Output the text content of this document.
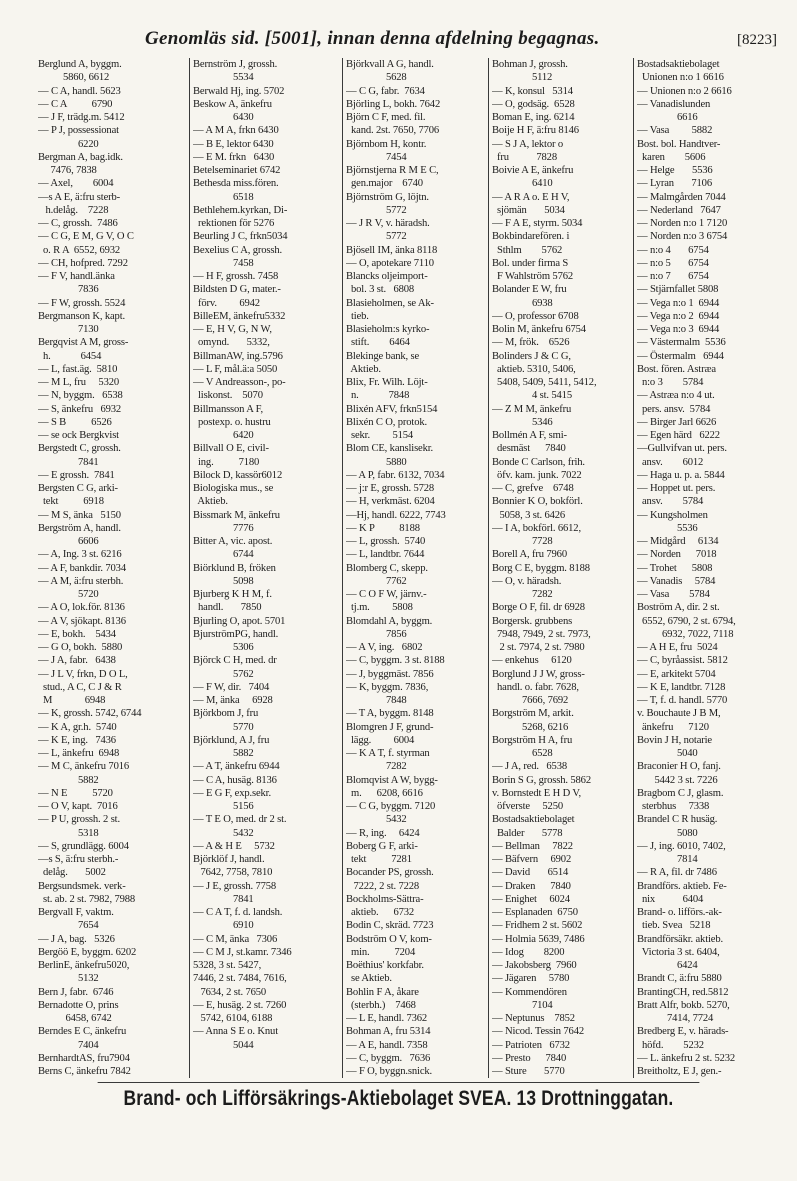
Genomläs sid. [5001], innan denna afdelning begagnas.	[8223]
Berglund A, byggm.
5860, 6612
— C A, handl. 5623
— C A          6790
— J F, trädg.m. 5412
— P J, possessionat
6220
Bergman A, bag.idk.
7476, 7838
— Axel,        6004
—s A E, ä:fru sterb-
h.delåg.    7228
— C, grossh.  7486
— C G, E M, G V, O C
o. R A  6552, 6932
— CH, hofpred. 7292
— F V, handl.änka
7836
— F W, grossh. 5524
Bergmanson K, kapt.
7130
Bergqvist A M, gross-
h.            6454
— L, fast.äg.  5810
— M L, fru     5320
— N, byggm.   6538
— S, änkefru   6932
— S B          6526
— se ock Bergkvist
Bergstedt C, grossh.
7841
— E grossh.  7841
Bergsten C G, arki-
tekt          6918
— M S, änka   5150
Bergström A, handl.
6606
— A, Ing. 3 st. 6216
— A F, bankdir. 7034
— A M, ä:fru sterbh.
5720
— A O, lok.för. 8136
— A V, sjökapt. 8136
— E, bokh.    5434
— G O, bokh.  5880
— J A, fabr.   6438
— J L V, frkn, D O L,
stud., A C, C J & R
M             6948
— K, grossh. 5742, 6744
— K A, gr.h.  5740
— K E, ing.   7436
— L, änkefru  6948
— M C, änkefru 7016
5882
— N E          5720
— O V, kapt.  7016
— P U, grossh. 2 st.
5318
— S, grundlägg. 6004
—s S, ä:fru sterbh.-
delåg.       5002
Bergsundsmek. verk-
st. ab. 2 st. 7982, 7988
Bergvall F, vaktm.
7654
— J A, bag.   5326
Bergöö E, byggm. 6202
BerlinE, änkefru5020,
5132
Bern J, fabr.  6746
Bernadotte O, prins
6458, 6742
Berndes E C, änkefru
7404
BernhardtAS, fru7904
Berns C, änkefru 7842
Bernström J, grossh.
5534
Berwald Hj, ing. 5702
Beskow A, änkefru
6430
— A M A, frkn 6430
— B E, lektor 6430
— E M. frkn   6430
Betelseminariet 6742
Bethesda miss.fören.
6518
Bethlehem.kyrkan, Di-
rektionen för 5276
Beurling J C, frkn5034
Bexelius C A, grossh.
7458
— H F, grossh. 7458
Bildsten D G, mater.-
förv.         6942
BilleEM, änkefru5332
— E, H V, G, N W,
omynd.       5332,
BillmanAW, ing.5796
— L F, mål.ä:a 5050
— V Andreasson-, po-
liskonst.    5070
Billmansson A F,
postexp. o. hustru
6420
Billvall O E, civil-
ing.          7180
Bilock D, kassör6012
Biologiska mus., se
Aktieb.
Bissmark M, änkefru
7776
Bitter A, vic. apost.
6744
Biörklund B, fröken
5098
Bjurberg K H M, f.
handl.       7850
Bjurling O, apot. 5701
BjurströmPG, handl.
5306
Björck C H, med. dr
5762
— F W, dir.   7404
— M, änka     6928
Björkbom J, fru
5770
Björklund, A J, fru
5882
— A T, änkefru 6944
— C A, husäg. 8136
— E G F, exp.sekr.
5156
— T E O, med. dr 2 st.
5432
— A & H E     5732
Björklöf J, handl.
7642, 7758, 7810
— J E, grossh. 7758
7841
— C A T, f. d. landsh.
6910
— C M, änka   7306
— C M J, st.kamr. 7346
5328, 3 st. 5427,
7446, 2 st. 7484, 7616,
7634, 2 st. 7650
— E, husäg. 2 st. 7260
5742, 6104, 6188
— Anna S E o. Knut
5044
Björkvall A G, handl.
5628
— C G, fabr.  7634
Björling L, bokh. 7642
Björn C F, med. fil.
kand. 2st. 7650, 7706
Björnbom H, kontr.
7454
Björnstjerna R M E C,
gen.major    6740
Björnström G, löjtn.
5772
— J R V, v. häradsh.
5772
Bjösell IM, änka 8118
— O, apotekare 7110
Blancks oljeimport-
bol. 3 st.   6808
Blasieholmen, se Ak-
tieb.
Blasieholm:s kyrko-
stift.        6464
Blekinge bank, se
Aktieb.
Blix, Fr. Wilh. Löjt-
n.            7848
Blixén AFV, frkn5154
Blixén C O, protok.
sekr.         5154
Blom CE, kanslisekr.
5880
— A P, fabr. 6132, 7034
— j:r E, grossh. 5728
— H, verkmäst. 6204
—Hj, handl. 6222, 7743
— K P          8188
— L, grossh.  5740
— L, landtbr. 7644
Blomberg C, skepp.
7762
— C O F W, järnv.-
tj.m.         5808
Blomdahl A, byggm.
7856
— A V, ing.   6802
— C, byggm. 3 st. 8188
— J, byggmäst. 7856
— K, byggm. 7836,
7848
— T A, byggm. 8148
Blomgren J F, grund-
lägg.         6004
— K A T, f. styrman
7282
Blomqvist A W, bygg-
m.      6208, 6616
— C G, byggm. 7120
5432
— R, ing.     6424
Boberg G F, arki-
tekt          7281
Bocander PS, grossh.
7222, 2 st. 7228
Bockholms-Sättra-
aktieb.      6732
Bodin C, skräd. 7723
Bodström O V, kom-
min.          7204
Boëthius' korkfabr.
se Aktieb.
Bohlin F A, åkare
(sterbh.)    7468
— L E, handl. 7362
Bohman A, fru 5314
— A E, handl. 7358
— C, byggm.   7636
— F O, byggn.snick.
Bohman J, grossh.
5112
— K, konsul   5314
— O, godsäg.  6528
Boman E, ing. 6214
Boije H F, ä:fru 8146
— S J A, lektor o
fru           7828
Boivie A E, änkefru
6410
— A R A o. E H V,
sjömän       5034
— F A E, styrm. 5034
Bokbindarefören. i
Sthlm        5762
Bol. under firma S
F Wahlström 5762
Bolander E W, fru
6938
— O, professor 6708
Bolin M, änkefru 6754
— M, frök.    6526
Bolinders J & C G,
aktieb. 5310, 5406,
5408, 5409, 5411, 5412,
4 st. 5415
— Z M M, änkefru
5346
Bollmén A F, smi-
desmäst      7840
Bonde C Carlson, frih.
öfv. kam. junk. 7022
— C, grefve    6748
Bonnier K O, bokförl.
5058, 3 st. 6426
— I A, bokförl. 6612,
7728
Borell A, fru 7960
Borg C E, byggm. 8188
— O, v. häradsh.
7282
Borge O F, fil. dr 6928
Borgersk. grubbens
7948, 7949, 2 st. 7973,
2 st. 7974, 2 st. 7980
— enkehus     6120
Borglund J J W, gross-
handl. o. fabr. 7628,
7666, 7692
Borgström M, arkit.
5268, 6216
Borgström H A, fru
6528
— J A, red.   6538
Borin S G, grossh. 5862
v. Bornstedt E H D V,
öfverste     5250
Bostadsaktiebolaget
Balder       5778
— Bellman     7822
— Bäfvern     6902
— David       6514
— Draken      7840
— Enighet     6024
— Esplanaden  6750
— Fridhem 2 st. 5602
— Holmia 5639, 7486
— Idog        8200
— Jakobsberg  7960
— Jägaren     5780
— Kommendören
7104
— Neptunus    7852
— Nicod. Tessin 7642
— Patrioten   6732
— Presto      7840
— Sture       5770
Bostadsaktiebolaget
Unionen n:o 1 6616
— Unionen n:o 2 6616
— Vanadislunden
6616
— Vasa         5882
Bost. bol. Handtver-
karen        5606
— Helge       5536
— Lyran       7106
— Malmgården 7044
— Nederland   7647
— Norden n:o 1 7120
— Norden n:o 3 6754
— n:o 4       6754
— n:o 5       6754
— n:o 7       6754
— Stjärnfallet 5808
— Vega n:o 1  6944
— Vega n:o 2  6944
— Vega n:o 3  6944
— Västermalm  5536
— Östermalm   6944
Bost. fören. Astræa
n:o 3        5784
— Astræa n:o 4 ut.
pers. ansv.  5784
— Birger Jarl 6626
— Egen härd   6222
—Gullvifvan ut. pers.
ansv.        6012
— Haga u. p. a. 5844
— Hoppet ut. pers.
ansv.        5784
— Kungsholmen
5536
— Midgård     6134
— Norden      7018
— Trohet      5808
— Vanadis     5784
— Vasa        5784
Boström A, dir. 2 st.
6552, 6790, 2 st. 6794,
6932, 7022, 7118
— A H E, fru  5024
— C, byråassist. 5812
— E, arkitekt 5704
— K E, landtbr. 7128
— T, f. d. handl. 5770
v. Bouchaute J B M,
änkefru      7120
Bovin J H, notarie
5040
Braconier H O, fanj.
5442 3 st. 7226
Bragbom C J, glasm.
sterbhus     7338
Brandel C R husäg.
5080
— J, ing. 6010, 7402,
7814
— R A, fil. dr 7486
Brandförs. aktieb. Fe-
nix           6404
Brand- o. lifförs.-ak-
tieb. Svea   5218
Brandförsäkr. aktieb.
Victoria 3 st. 6404,
6424
Brandt C, ä:fru 5880
BrantingCH, red.5812
Bratt Alfr, bokb. 5270,
7414, 7724
Bredberg E, v. härads-
höfd.        5232
— L. änkefru 2 st. 5232
Breitholtz, E J, gen.-
Brand- och Lifförsäkrings-Aktiebolaget SVEA. 13 Drottninggatan.
